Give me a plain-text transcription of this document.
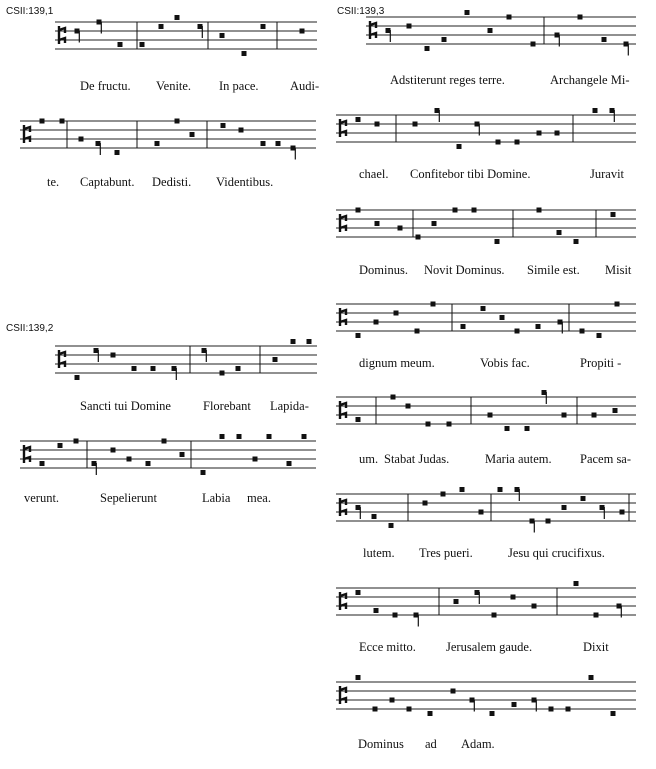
CSII:139,1
CSII:139,2
CSII:139,3
De fructu. Venite. In pace.	Audi-
te. Captabunt. Dedisti. Videntibus.
Sancti tui Domine	Florebant Lapida-
verunt.	Sepelierunt	Labia mea.
Adstiterunt reges terre.	Archangele Mi-
chael. Confitebor tibi Domine.	Juravit
Dominus. Novit Dominus. Simile est. Misit
dignum meum.	Vobis fac.	Propiti -
um. Stabat Judas.	Maria autem. Pacem sa-
lutem. Tres pueri.	Jesu qui crucifixus.
Ecce mitto. Jerusalem gaude.	Dixit
Dominus ad Adam.
